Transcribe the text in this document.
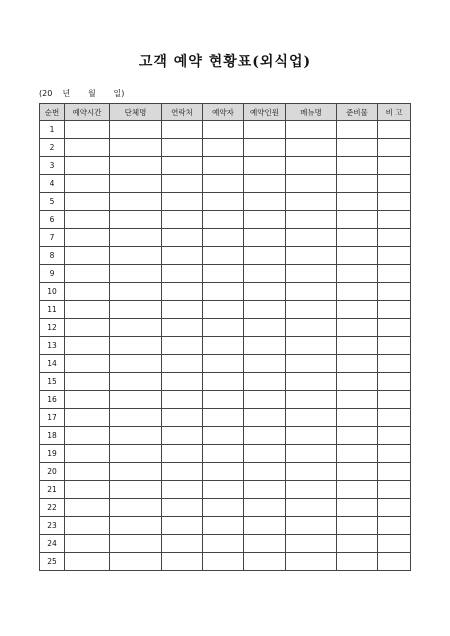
고객 예약 현황표(외식업)
(20    년       월       일)
순번	예약시간	단체명	연락처	예약자	예약인원	메뉴명	준비물	비 고
1								
2								
3								
4								
5								
6								
7								
8								
9								
10								
11								
12								
13								
14								
15								
16								
17								
18								
19								
20								
21								
22								
23								
24								
25								
